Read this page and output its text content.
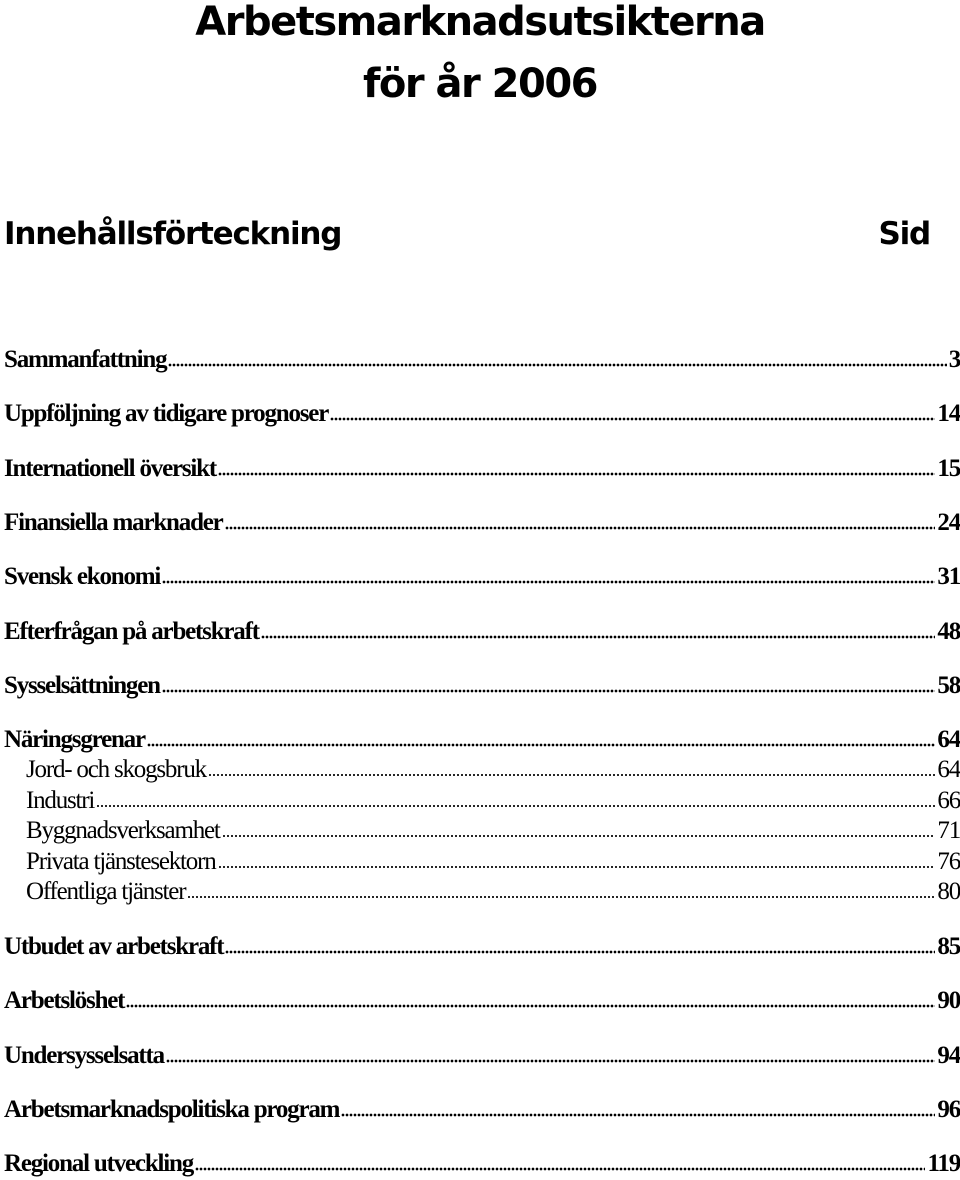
Arbetsmarknadsutsikterna
för år 2006
Innehållsförteckning	Sid
Sammanfattning	3
Uppföljning av tidigare prognoser	14
Internationell översikt	15
Finansiella marknader	24
Svensk ekonomi	31
Efterfrågan på arbetskraft	48
Sysselsättningen	58
Näringsgrenar	64
Jord- och skogsbruk	64
Industri	66
Byggnadsverksamhet	71
Privata tjänstesektorn	76
Offentliga tjänster	80
Utbudet av arbetskraft	85
Arbetslöshet	90
Undersysselsatta	94
Arbetsmarknadspolitiska program	96
Regional utveckling	119
